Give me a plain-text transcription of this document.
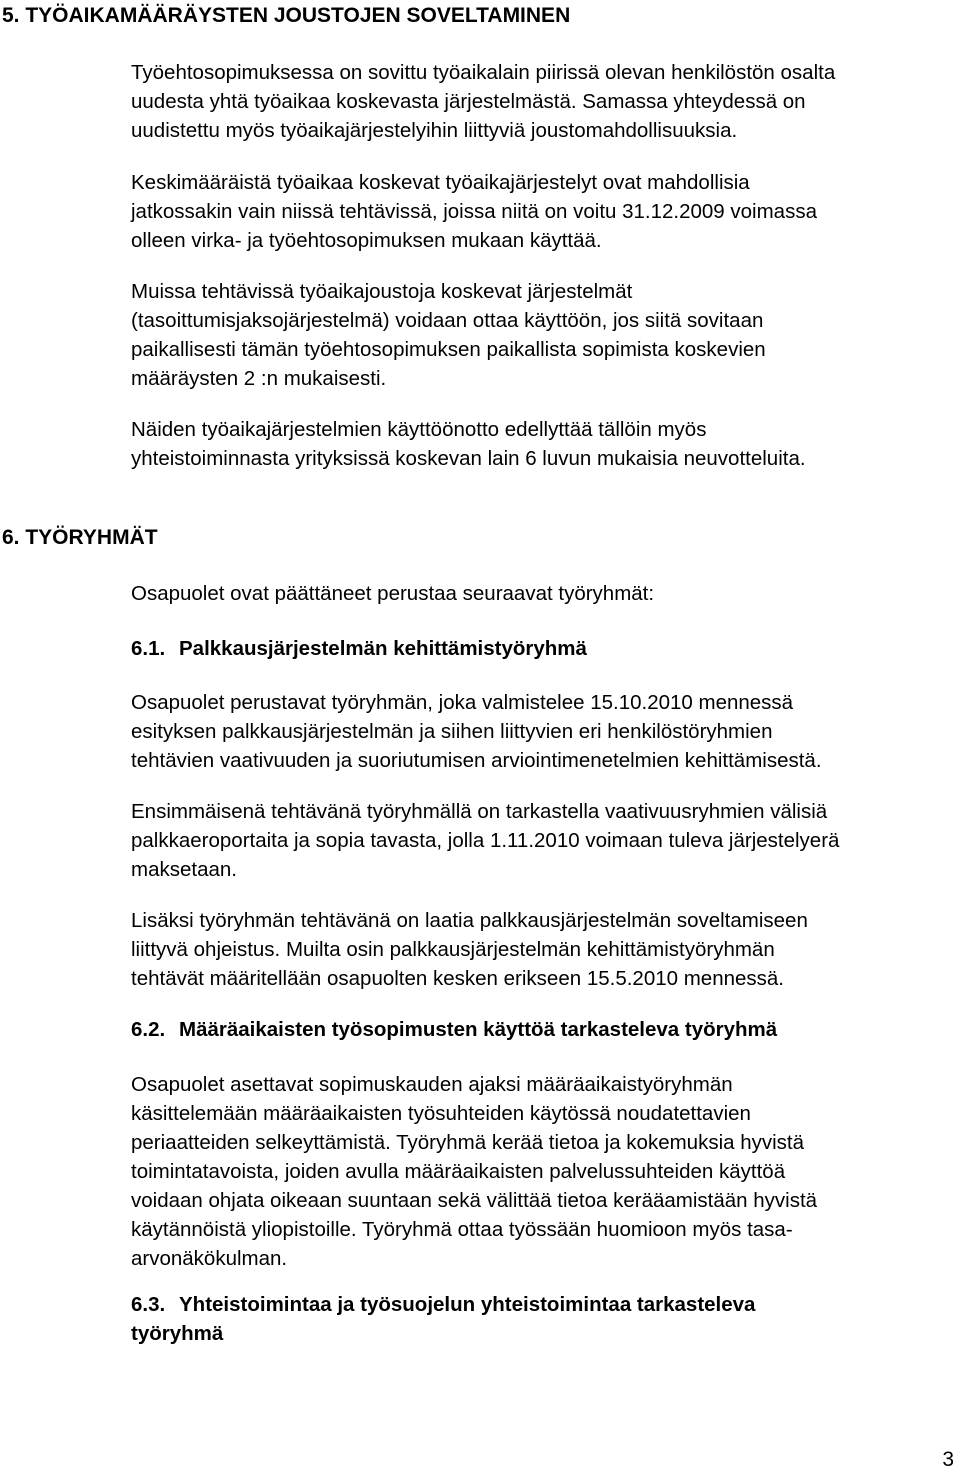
5. TYÖAIKAMÄÄRÄYSTEN JOUSTOJEN SOVELTAMINEN

Työehtosopimuksessa on sovittu työaikalain piirissä olevan henkilöstön osalta
uudesta yhtä työaikaa koskevasta järjestelmästä. Samassa yhteydessä on
uudistettu myös työaikajärjestelyihin liittyviä joustomahdollisuuksia.

Keskimääräistä työaikaa koskevat työaikajärjestelyt ovat mahdollisia
jatkossakin vain niissä tehtävissä, joissa niitä on voitu 31.12.2009 voimassa
olleen virka- ja työehtosopimuksen mukaan käyttää.

Muissa tehtävissä työaikajoustoja koskevat järjestelmät
(tasoittumisjaksojärjestelmä) voidaan ottaa käyttöön, jos siitä sovitaan
paikallisesti tämän työehtosopimuksen paikallista sopimista koskevien
määräysten 2 :n mukaisesti.

Näiden työaikajärjestelmien käyttöönotto edellyttää tällöin myös
yhteistoiminnasta yrityksissä koskevan lain 6 luvun mukaisia neuvotteluita.

6. TYÖRYHMÄT

Osapuolet ovat päättäneet perustaa seuraavat työryhmät:

6.1. Palkkausjärjestelmän kehittämistyöryhmä

Osapuolet perustavat työryhmän, joka valmistelee 15.10.2010 mennessä
esityksen palkkausjärjestelmän ja siihen liittyvien eri henkilöstöryhmien
tehtävien vaativuuden ja suoriutumisen arviointimenetelmien kehittämisestä.

Ensimmäisenä tehtävänä työryhmällä on tarkastella vaativuusryhmien välisiä
palkkaeroportaita ja sopia tavasta, jolla 1.11.2010 voimaan tuleva järjestelyerä
maksetaan.

Lisäksi työryhmän tehtävänä on laatia palkkausjärjestelmän soveltamiseen
liittyvä ohjeistus. Muilta osin palkkausjärjestelmän kehittämistyöryhmän
tehtävät määritellään osapuolten kesken erikseen 15.5.2010 mennessä.

6.2. Määräaikaisten työsopimusten käyttöä tarkasteleva työryhmä

Osapuolet asettavat sopimuskauden ajaksi määräaikaistyöryhmän
käsittelemään määräaikaisten työsuhteiden käytössä noudatettavien
periaatteiden selkeyttämistä. Työryhmä kerää tietoa ja kokemuksia hyvistä
toimintatavoista, joiden avulla määräaikaisten palvelussuhteiden käyttöä
voidaan ohjata oikeaan suuntaan sekä välittää tietoa kerääamistään hyvistä
käytännöistä yliopistoille. Työryhmä ottaa työssään huomioon myös tasa-
arvonäkökulman.

6.3. Yhteistoimintaa ja työsuojelun yhteistoimintaa tarkasteleva
työryhmä
3
